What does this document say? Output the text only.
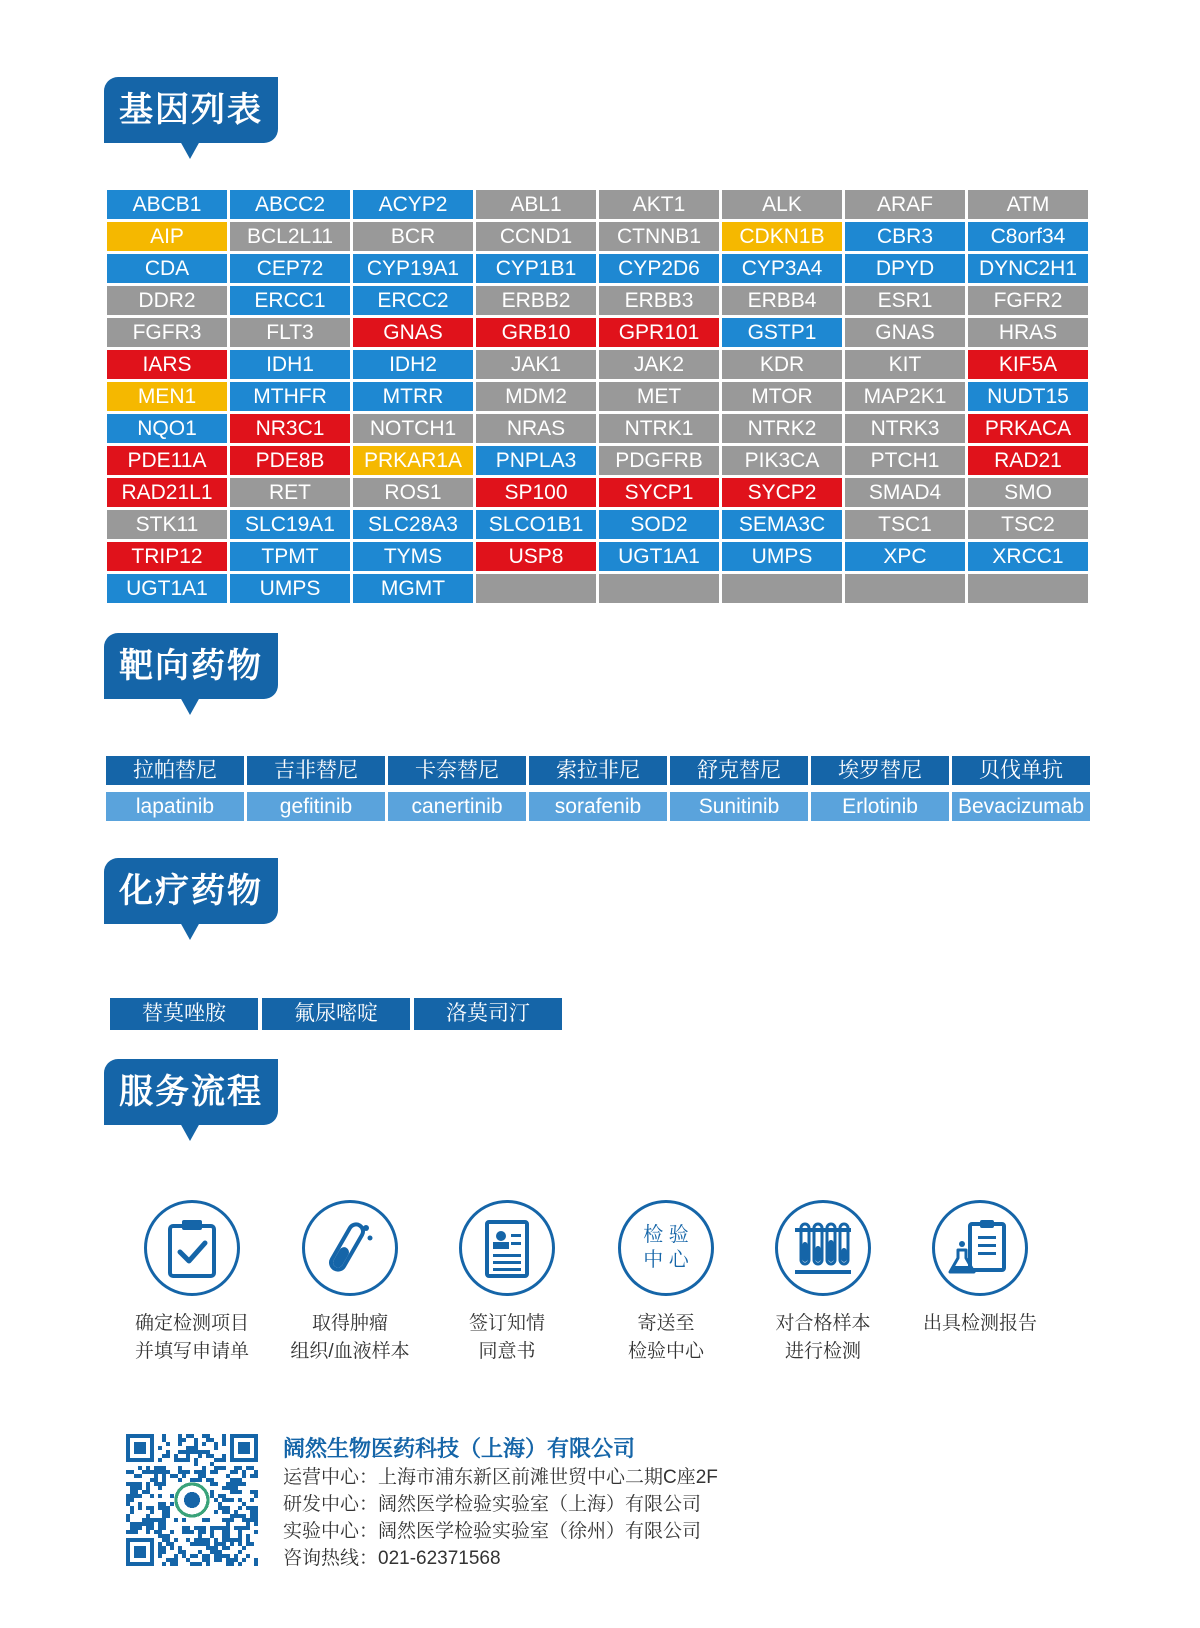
基因列表
ABCB1	ABCC2	ACYP2	ABL1	AKT1	ALK	ARAF	ATM
AIP	BCL2L11	BCR	CCND1	CTNNB1	CDKN1B	CBR3	C8orf34
CDA	CEP72	CYP19A1	CYP1B1	CYP2D6	CYP3A4	DPYD	DYNC2H1
DDR2	ERCC1	ERCC2	ERBB2	ERBB3	ERBB4	ESR1	FGFR2
FGFR3	FLT3	GNAS	GRB10	GPR101	GSTP1	GNAS	HRAS
IARS	IDH1	IDH2	JAK1	JAK2	KDR	KIT	KIF5A
MEN1	MTHFR	MTRR	MDM2	MET	MTOR	MAP2K1	NUDT15
NQO1	NR3C1	NOTCH1	NRAS	NTRK1	NTRK2	NTRK3	PRKACA
PDE11A	PDE8B	PRKAR1A	PNPLA3	PDGFRB	PIK3CA	PTCH1	RAD21
RAD21L1	RET	ROS1	SP100	SYCP1	SYCP2	SMAD4	SMO
STK11	SLC19A1	SLC28A3	SLCO1B1	SOD2	SEMA3C	TSC1	TSC2
TRIP12	TPMT	TYMS	USP8	UGT1A1	UMPS	XPC	XRCC1
UGT1A1	UMPS	MGMT
靶向药物
拉帕替尼	吉非替尼	卡奈替尼	索拉非尼	舒克替尼	埃罗替尼	贝伐单抗
lapatinib	gefitinib	canertinib	sorafenib	Sunitinib	Erlotinib	Bevacizumab
化疗药物
替莫唑胺	氟尿嘧啶	洛莫司汀
服务流程
确定检测项目
并填写申请单
取得肿瘤
组织/血液样本
签订知情
同意书
检 验
中 心
寄送至
检验中心
对合格样本
进行检测
出具检测报告
阔然生物医药科技（上海）有限公司
运营中心：上海市浦东新区前滩世贸中心二期C座2F
研发中心：阔然医学检验实验室（上海）有限公司
实验中心：阔然医学检验实验室（徐州）有限公司
咨询热线：021-62371568
